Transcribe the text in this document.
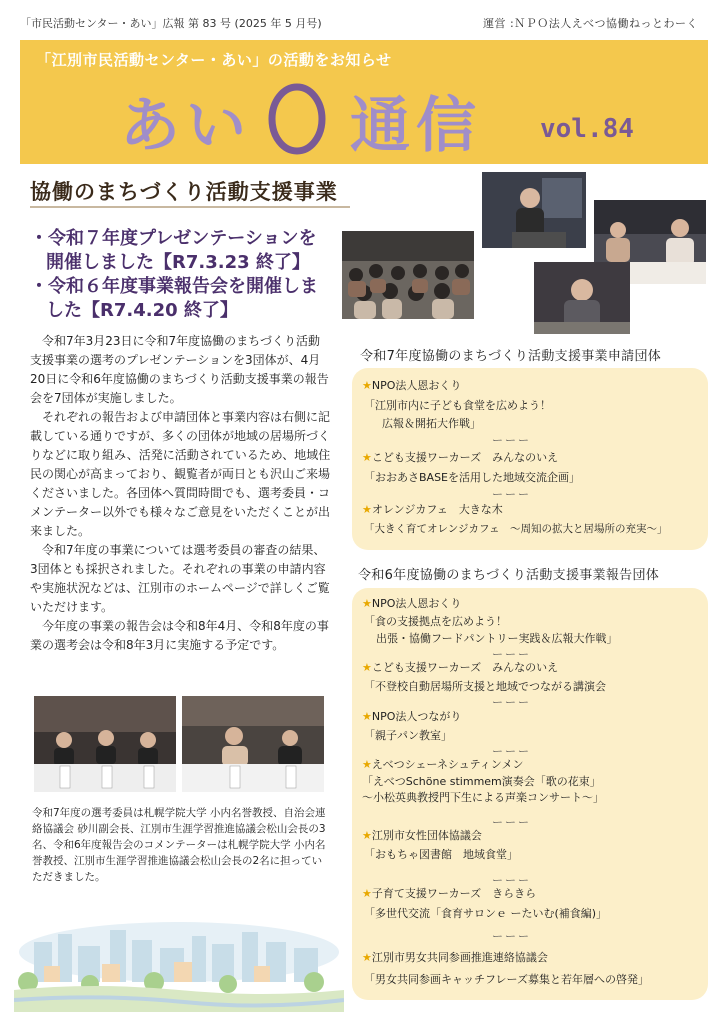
「市民活動センター・あい」広報 第 83 号 (2025 年 5 月号)	運営 :ＮＰＯ法人えべつ協働ねっとわーく
「江別市民活動センター・あい」の活動をお知らせ
あい 通信 vol.84
協働のまちづくり活動支援事業
・令和７年度プレゼンテーションを
開催しました【R7.3.23 終了】
・令和６年度事業報告会を開催しま
した【R7.4.20 終了】

令和7年3月23日に令和7年度協働のまちづくり活動支援事業の選考のプレゼンテーションを3団体が、4月20日に令和6年度協働のまちづくり活動支援事業の報告会を7団体が実施しました。

それぞれの報告および申請団体と事業内容は右側に記載している通りですが、多くの団体が地域の居場所づくりなどに取り組み、活発に活動されているため、地域住民の関心が高まっており、観覧者が両日とも沢山ご来場くださいました。各団体へ質問時間でも、選考委員・コメンテーター以外でも様々なご意見をいただくことが出来ました。

令和7年度の事業については選考委員の審査の結果、3団体とも採択されました。それぞれの事業の申請内容や実施状況などは、江別市のホームページで詳しくご覧いただけます。

今年度の事業の報告会は令和8年4月、令和8年度の事業の選考会は令和8年3月に実施する予定です。

令和7年度の選考委員は札幌学院大学 小内名誉教授、自治会連絡協議会 砂川副会長、江別市生涯学習推進協議会松山会長の3名、令和6年度報告会のコメンテーターは札幌学院大学 小内名誉教授、江別市生涯学習推進協議会松山会長の2名に担っていただきました。
令和7年度協働のまちづくり活動支援事業申請団体
★NPO法人恩おくり
「江別市内に子ども食堂を広めよう！
広報＆開拓大作戦」
ーーー
★こども支援ワーカーズ　みんなのいえ
「おおあさBASEを活用した地域交流企画」
ーーー
★オレンジカフェ　大きな木
「大きく育てオレンジカフェ　～周知の拡大と居場所の充実～」
令和6年度協働のまちづくり活動支援事業報告団体
★NPO法人恩おくり
「食の支援拠点を広めよう！
出張・協働フードパントリー実践＆広報大作戦」
ーーー
★こども支援ワーカーズ　みんなのいえ
「不登校自動居場所支援と地域でつながる講演会
ーーー
★NPO法人つながり
「親子パン教室」
ーーー
★えべつシェーネシュティンメン
「えべつSchöne stimmem演奏会「歌の花束」
～小松英典教授門下生による声楽コンサート～」
ーーー
★江別市女性団体協議会
「おもちゃ図書館　地域食堂」
ーーー
★子育て支援ワーカーズ　きらきら
「多世代交流「食育サロンｅ ーたいむ(補食編)」
ーーー
★江別市男女共同参画推進連絡協議会
「男女共同参画キャッチフレーズ募集と若年層への啓発」
